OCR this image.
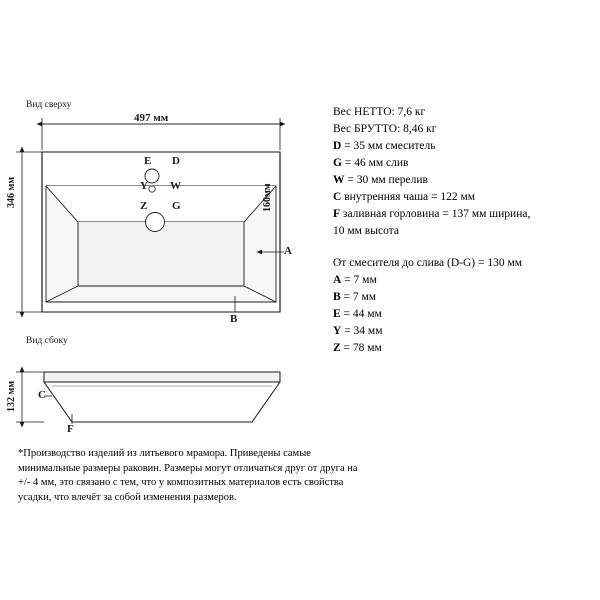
Вид сверху
Вид сбоку
497 мм
346 мм	160мм
132 мм
E D
Y W
Z G
A
B
C
F
Вес НЕТТО: 7,6 кг
Вес БРУТТО: 8,46 кг
D = 35 мм смеситель
G = 46 мм слив
W = 30 мм перелив
C внутренняя чаша = 122 мм
F заливная горловина = 137 мм ширина,
10 мм высота
От смесителя до слива (D-G) = 130 мм
A = 7 мм
B = 7 мм
E = 44 мм
Y = 34 мм
Z = 78 мм
*Производство изделий из литьевого мрамора. Приведены самые
минимальные размеры раковин. Размеры могут отличаться друг от друга на
+/- 4 мм, это связано с тем, что у композитных материалов есть свойства
усадки, что влечёт за собой изменения размеров.
